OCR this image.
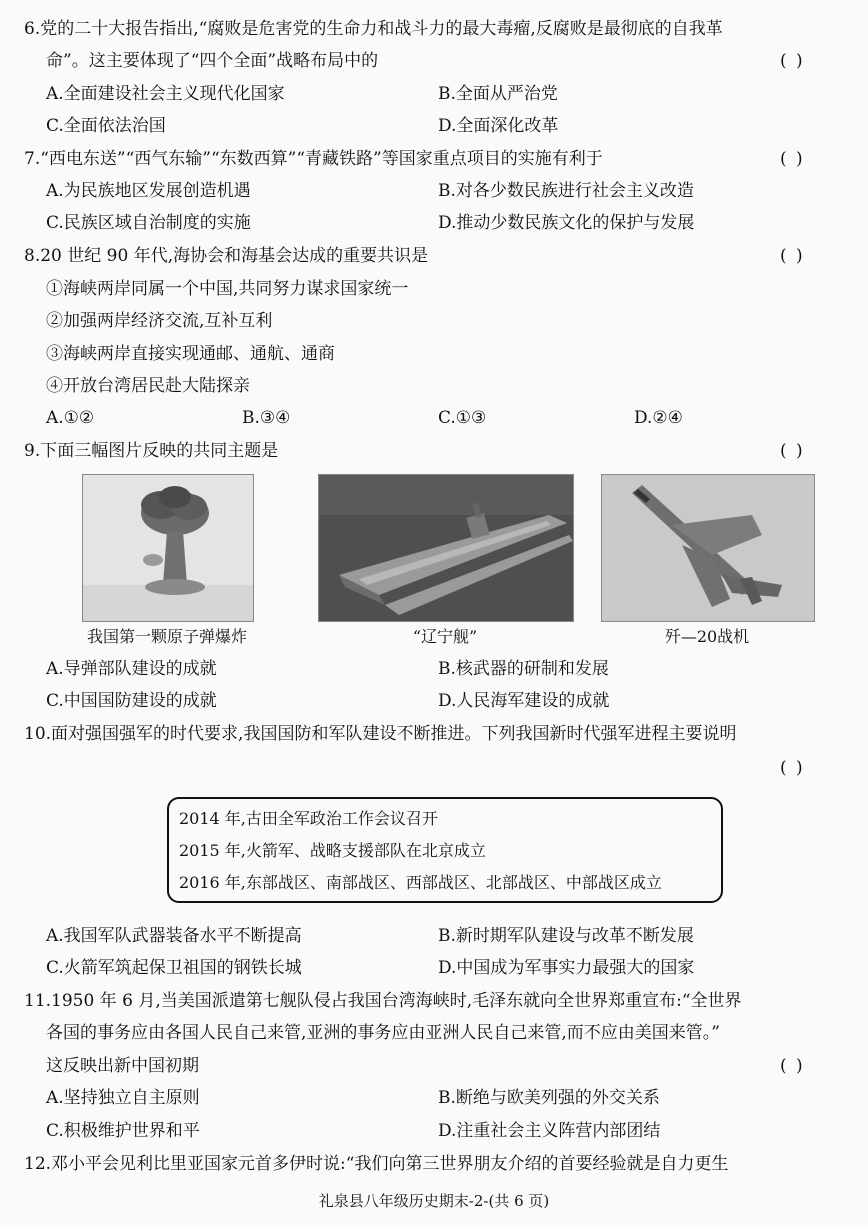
6.党的二十大报告指出,“腐败是危害党的生命力和战斗力的最大毒瘤,反腐败是最彻底的自我革
命”。这主要体现了“四个全面”战略布局中的	( )
A.全面建设社会主义现代化国家	B.全面从严治党
C.全面依法治国	D.全面深化改革
7.“西电东送”“西气东输”“东数西算”“青藏铁路”等国家重点项目的实施有利于	( )
A.为民族地区发展创造机遇	B.对各少数民族进行社会主义改造
C.民族区域自治制度的实施	D.推动少数民族文化的保护与发展
8.20 世纪 90 年代,海协会和海基会达成的重要共识是	( )
①海峡两岸同属一个中国,共同努力谋求国家统一
②加强两岸经济交流,互补互利
③海峡两岸直接实现通邮、通航、通商
④开放台湾居民赴大陆探亲
A.①②	B.③④	C.①③	D.②④
9.下面三幅图片反映的共同主题是	( )
我国第一颗原子弹爆炸	“辽宁舰”	歼—20战机
A.导弹部队建设的成就	B.核武器的研制和发展
C.中国国防建设的成就	D.人民海军建设的成就
10.面对强国强军的时代要求,我国国防和军队建设不断推进。下列我国新时代强军进程主要说明
( )
2014 年,古田全军政治工作会议召开
2015 年,火箭军、战略支援部队在北京成立
2016 年,东部战区、南部战区、西部战区、北部战区、中部战区成立
A.我国军队武器装备水平不断提高	B.新时期军队建设与改革不断发展
C.火箭军筑起保卫祖国的钢铁长城	D.中国成为军事实力最强大的国家
11.1950 年 6 月,当美国派遣第七舰队侵占我国台湾海峡时,毛泽东就向全世界郑重宣布:“全世界
各国的事务应由各国人民自己来管,亚洲的事务应由亚洲人民自己来管,而不应由美国来管。”
这反映出新中国初期	( )
A.坚持独立自主原则	B.断绝与欧美列强的外交关系
C.积极维护世界和平	D.注重社会主义阵营内部团结
12.邓小平会见利比里亚国家元首多伊时说:“我们向第三世界朋友介绍的首要经验就是自力更生
礼泉县八年级历史期末-2-(共 6 页)
